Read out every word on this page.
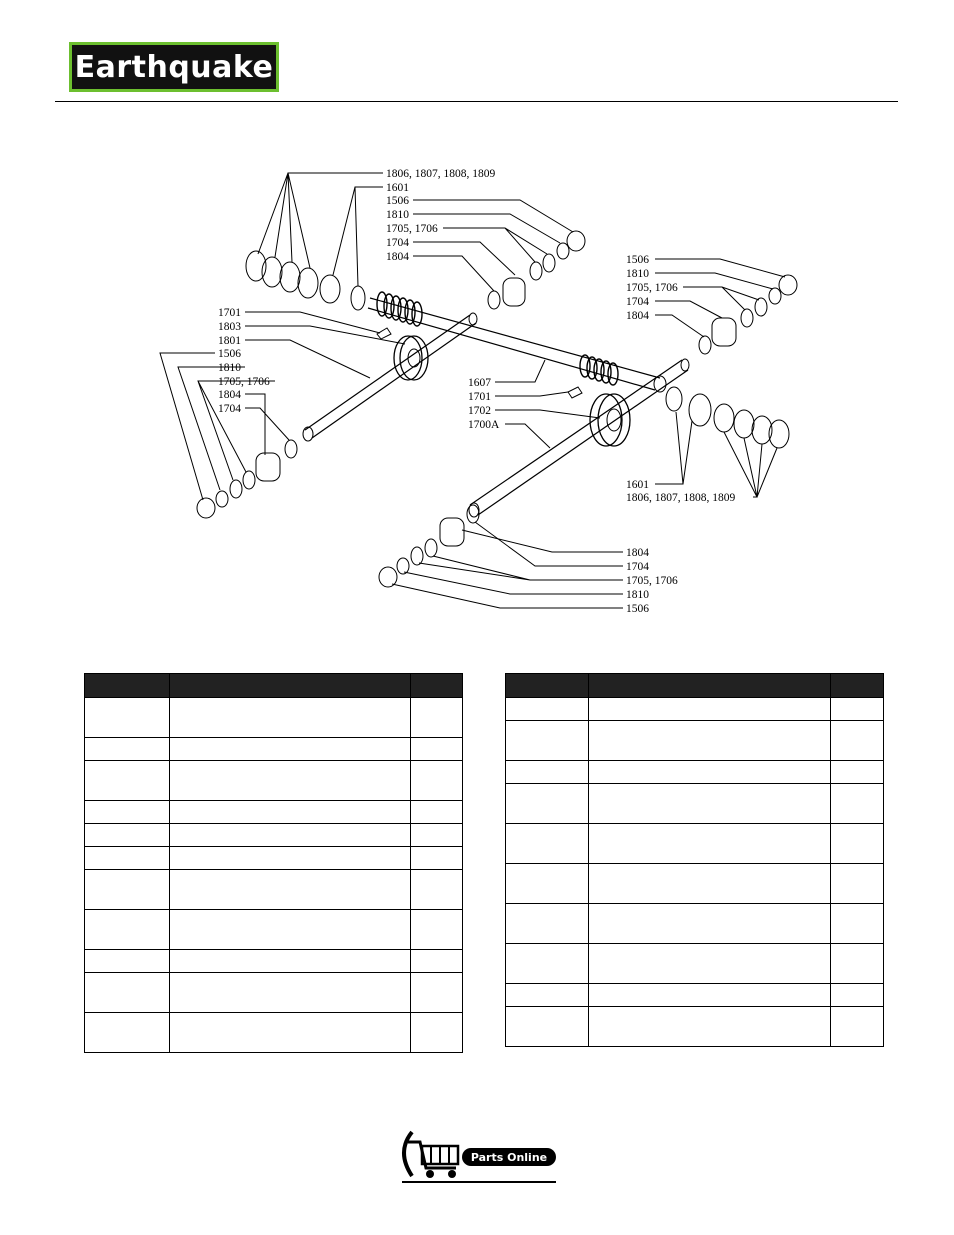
Earthquake
1806, 1807, 1808, 1809
1601
1506
1810
1705, 1706
1704
1804	1506
1810
1705, 1706
1704
1804
1701
1803
1801
1506
1810
1705, 1706
1804
1704
1607
1701
1702
1700A
1601
1806, 1807, 1808, 1809
1804
1704
1705, 1706
1810
1506

Parts Online
